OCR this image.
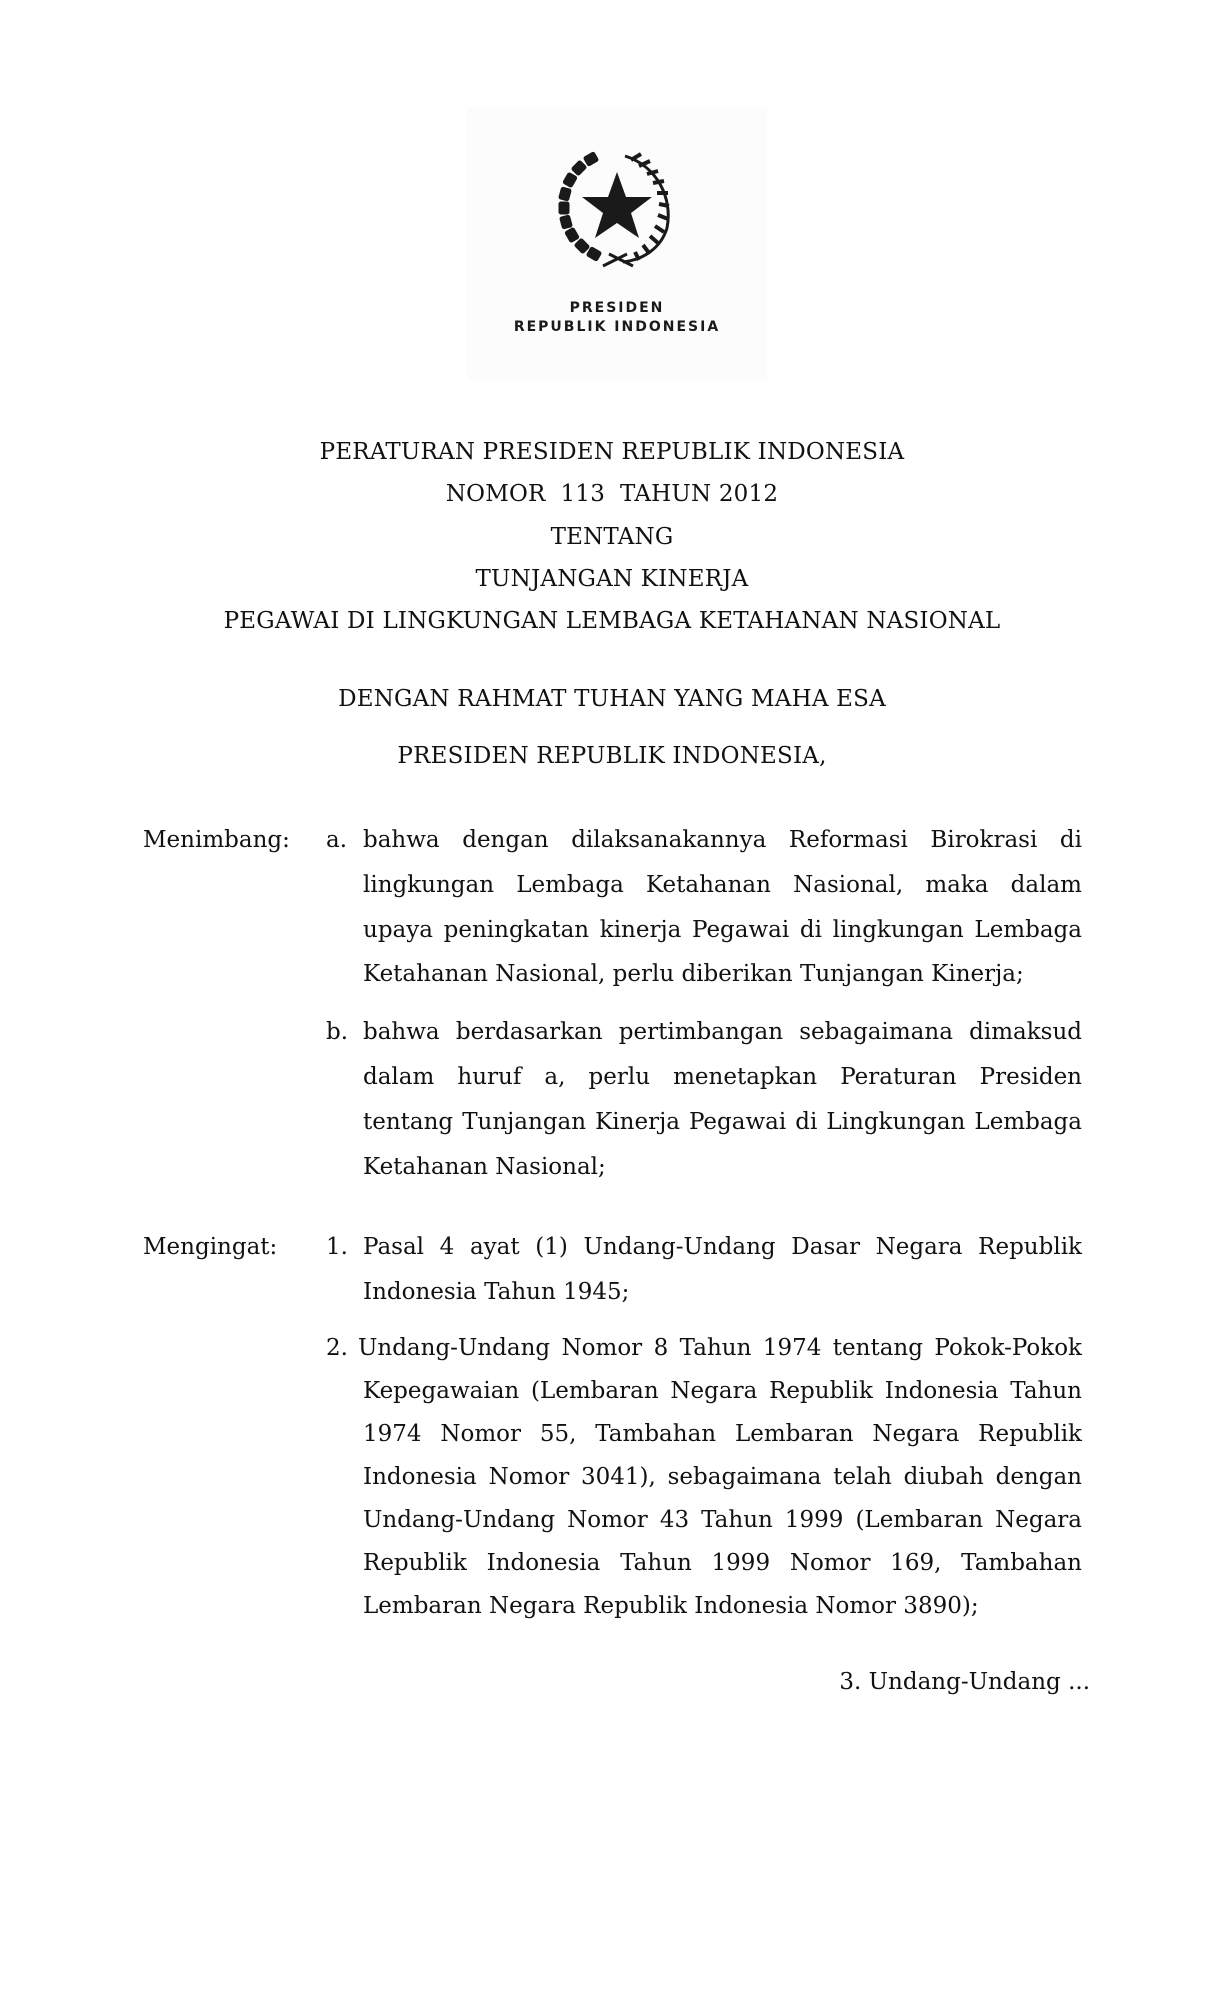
PRESIDEN
REPUBLIK INDONESIA
PERATURAN PRESIDEN REPUBLIK INDONESIA
NOMOR  113  TAHUN 2012
TENTANG
TUNJANGAN KINERJA
PEGAWAI DI LINGKUNGAN LEMBAGA KETAHANAN NASIONAL
DENGAN RAHMAT TUHAN YANG MAHA ESA
PRESIDEN REPUBLIK INDONESIA,
Menimbang: a. bahwa dengan dilaksanakannya Reformasi Birokrasi di
lingkungan Lembaga Ketahanan Nasional, maka dalam
upaya peningkatan kinerja Pegawai di lingkungan Lembaga
Ketahanan Nasional, perlu diberikan Tunjangan Kinerja;
b. bahwa berdasarkan pertimbangan sebagaimana dimaksud
dalam huruf a, perlu menetapkan Peraturan Presiden
tentang Tunjangan Kinerja Pegawai di Lingkungan Lembaga
Ketahanan Nasional;
Mengingat: 1. Pasal 4 ayat (1) Undang-Undang Dasar Negara Republik
Indonesia Tahun 1945;
2. Undang-Undang Nomor 8 Tahun 1974 tentang Pokok-Pokok
Kepegawaian (Lembaran Negara Republik Indonesia Tahun
1974 Nomor 55, Tambahan Lembaran Negara Republik
Indonesia Nomor 3041), sebagaimana telah diubah dengan
Undang-Undang Nomor 43 Tahun 1999 (Lembaran Negara
Republik Indonesia Tahun 1999 Nomor 169, Tambahan
Lembaran Negara Republik Indonesia Nomor 3890);
3. Undang-Undang ...
